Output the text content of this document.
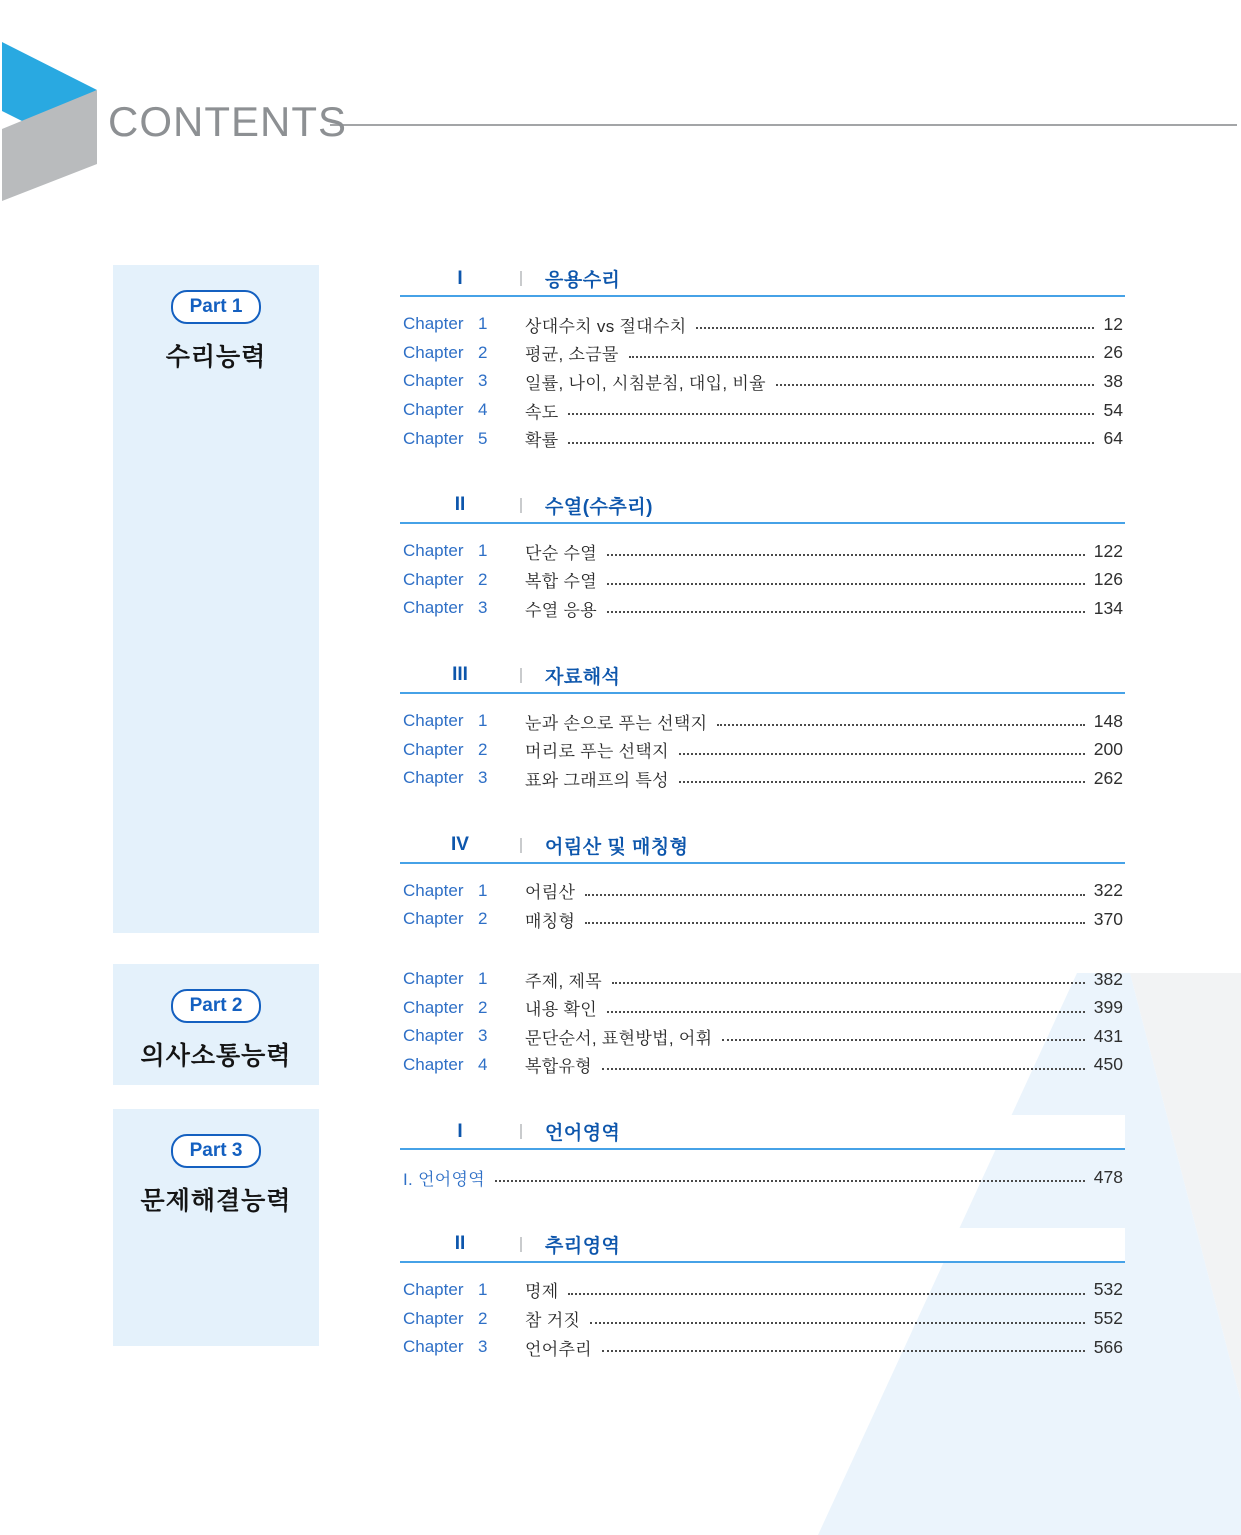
CONTENTS
Part 1
수리능력
Part 2
의사소통능력
Part 3
문제해결능력
I	응용수리
Chapter 1	상대수치 vs 절대수치	12
Chapter 2	평균, 소금물	26
Chapter 3	일률, 나이, 시침분침, 대입, 비율	38
Chapter 4	속도	54
Chapter 5	확률	64
II	수열(수추리)
Chapter 1	단순 수열	122
Chapter 2	복합 수열	126
Chapter 3	수열 응용	134
III	자료해석
Chapter 1	눈과 손으로 푸는 선택지	148
Chapter 2	머리로 푸는 선택지	200
Chapter 3	표와 그래프의 특성	262
IV	어림산 및 매칭형
Chapter 1	어림산	322
Chapter 2	매칭형	370
Chapter 1	주제, 제목	382
Chapter 2	내용 확인	399
Chapter 3	문단순서, 표현방법, 어휘	431
Chapter 4	복합유형	450
I	언어영역
I. 언어영역	478
II	추리영역
Chapter 1	명제	532
Chapter 2	참 거짓	552
Chapter 3	언어추리	566
